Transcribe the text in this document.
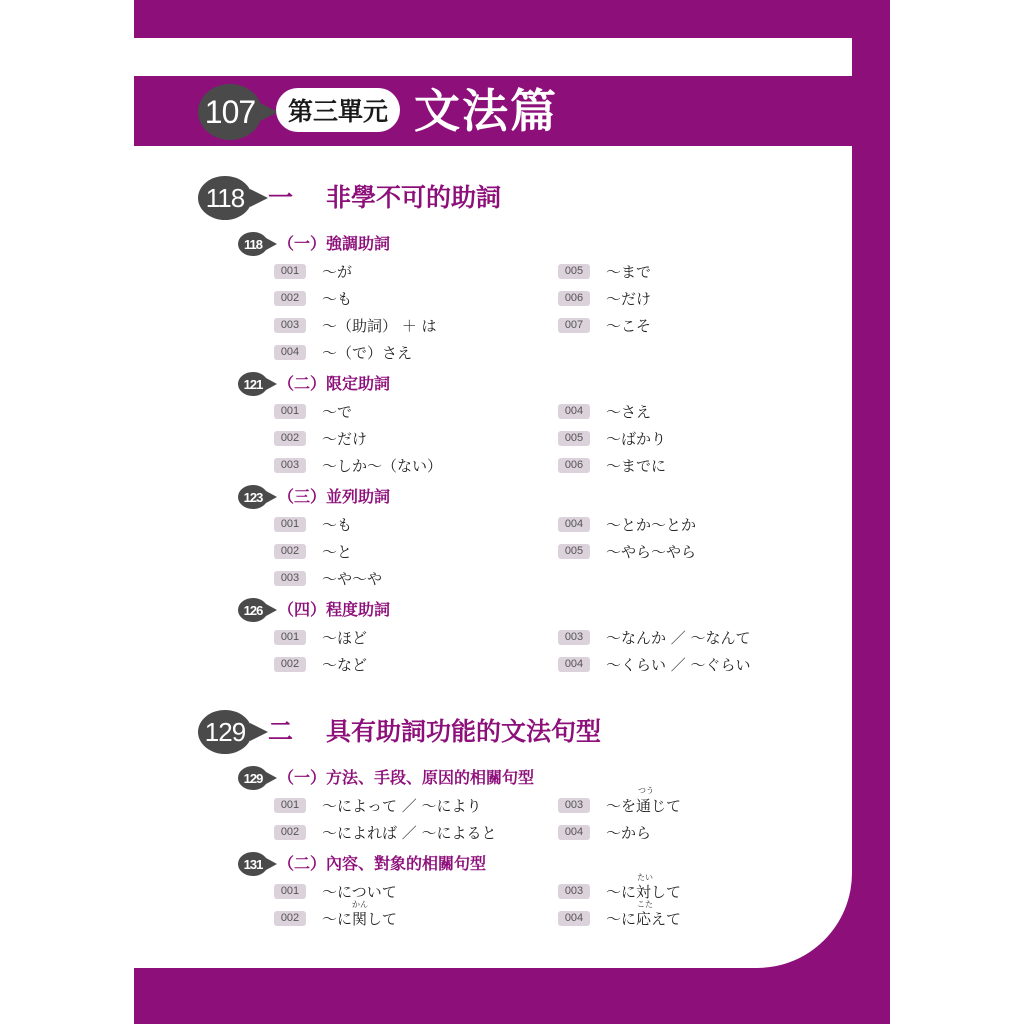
107	第三單元 文法篇
118 一 非學不可的助詞
118	（一）強調助詞
001	～が
002	～も
003	～（助詞） ＋ は
004	～（で）さえ
005	～まで
006	～だけ
007	～こそ
121 （二）限定助詞
001	～で
002	～だけ
003	～しか～（ない）
004	～さえ
005	～ばかり
006	～までに
123 （三）並列助詞
001	～も
002	～と
003	～や～や
004	～とか～とか
005	～やら～やら
126 （四）程度助詞
001	～ほど
002	～など
003	～なんか ／ ～なんて
004	～くらい ／ ～ぐらい
129 二 具有助詞功能的文法句型
129 （一）方法、手段、原因的相關句型
001	～によって ／ ～により
002	～によれば ／ ～によると
003	～を通じて
004	～から
131 （二）內容、對象的相關句型
001	～について
002	～に関して
003	～に対して
004	～に応えて
つう
かん
たい
こた
